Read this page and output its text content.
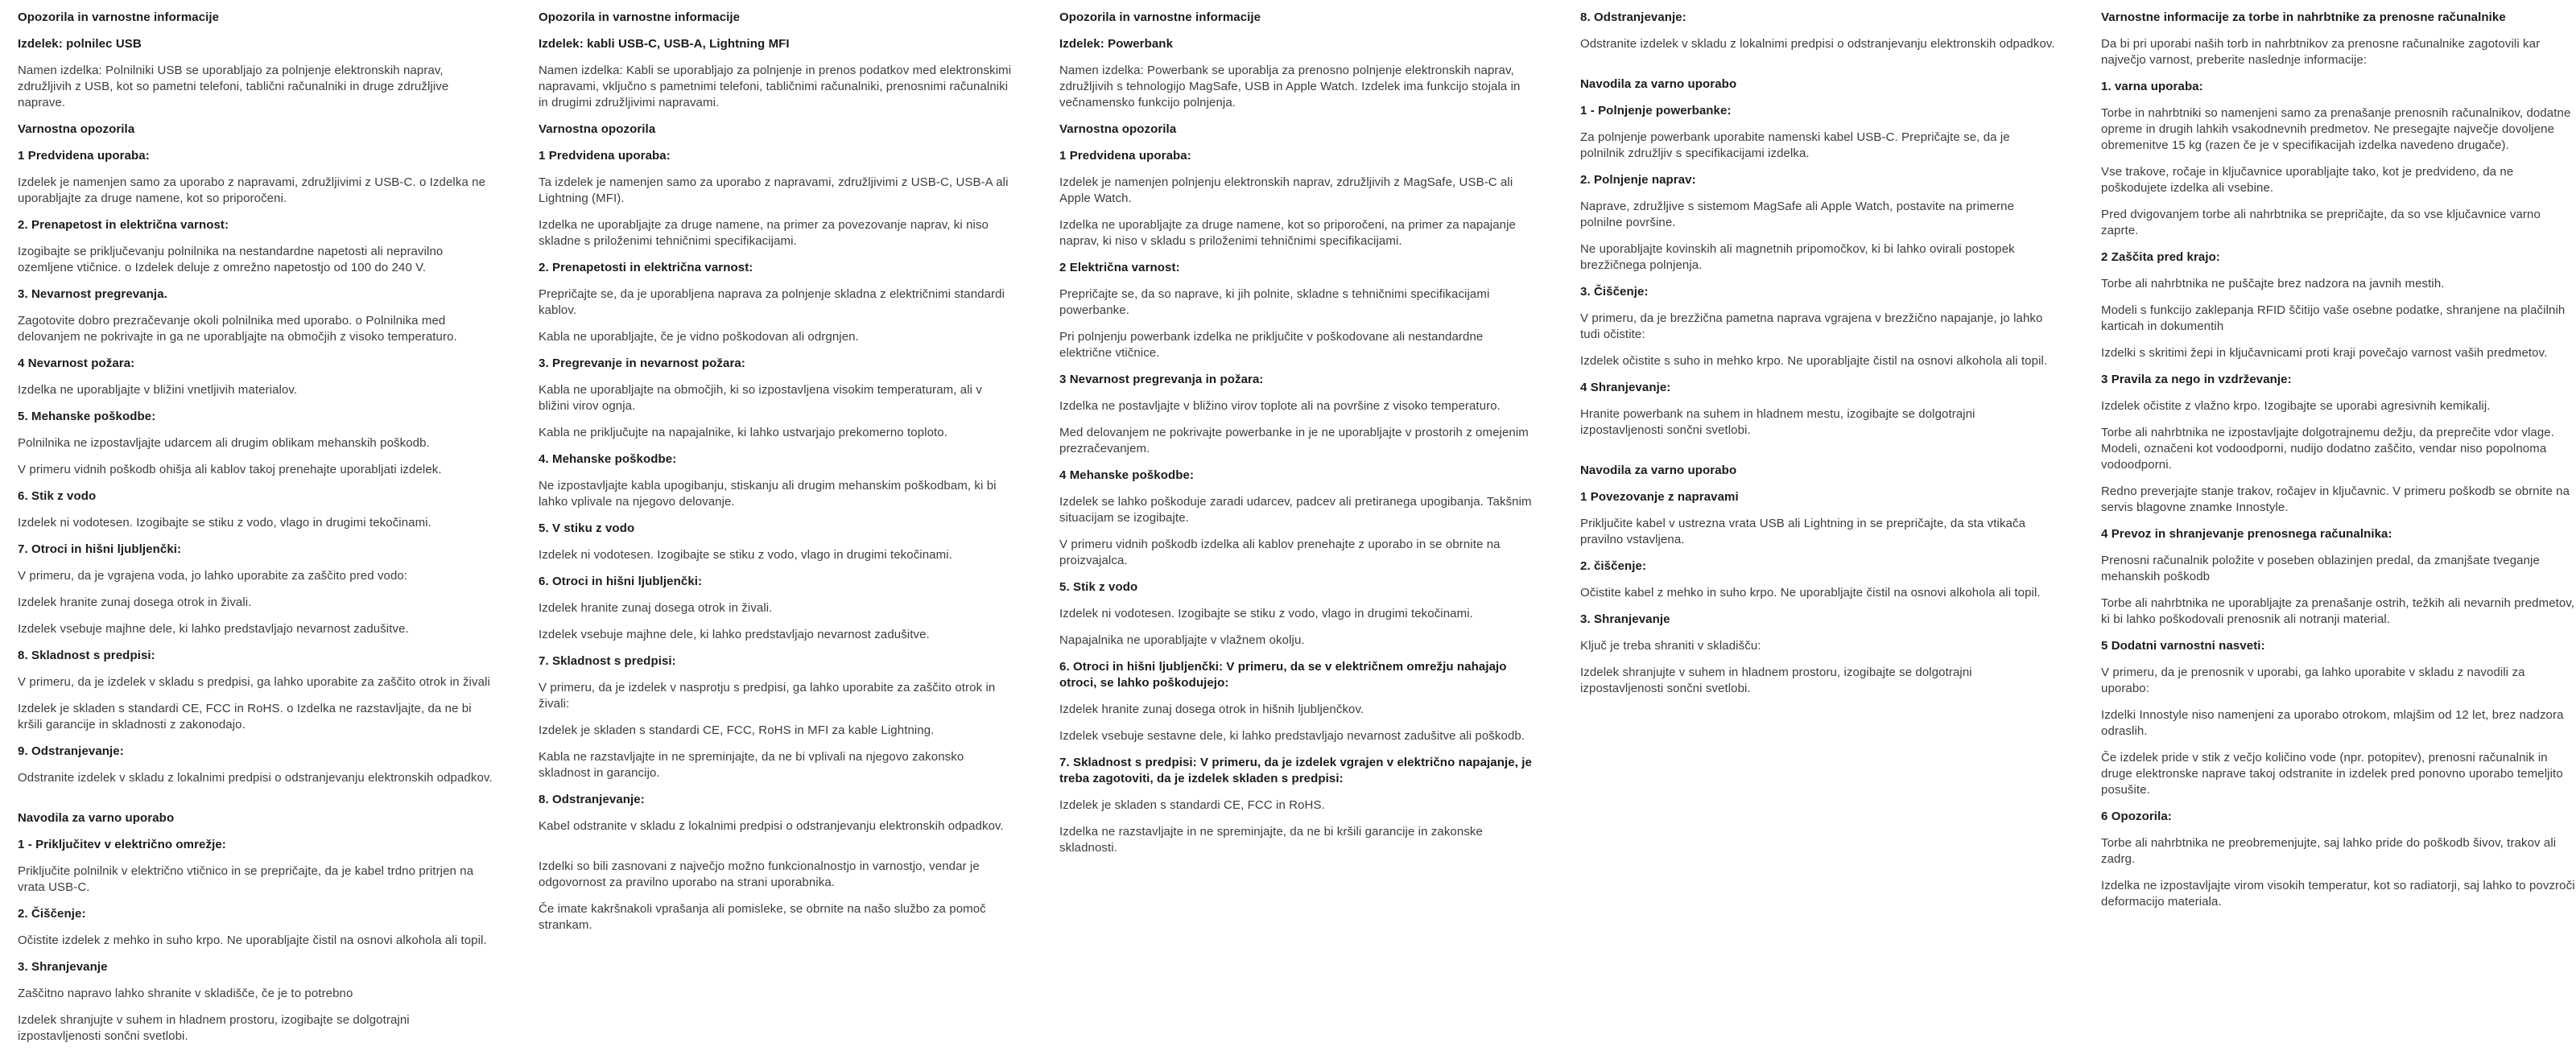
Opozorila in varnostne informacije
Izdelek: polnilec USB

Namen izdelka: Polnilniki USB se uporabljajo za polnjenje elektronskih naprav, združljivih z USB, kot so pametni telefoni, tablični računalniki in druge združljive naprave.

Varnostna opozorila
1 Predvidena uporaba:

Izdelek je namenjen samo za uporabo z napravami, združljivimi z USB-C. o Izdelka ne uporabljajte za druge namene, kot so priporočeni.

2. Prenapetost in električna varnost:

Izogibajte se priključevanju polnilnika na nestandardne napetosti ali nepravilno ozemljene vtičnice. o Izdelek deluje z omrežno napetostjo od 100 do 240 V.

3. Nevarnost pregrevanja.

Zagotovite dobro prezračevanje okoli polnilnika med uporabo. o Polnilnika med delovanjem ne pokrivajte in ga ne uporabljajte na območjih z visoko temperaturo.

4 Nevarnost požara:

Izdelka ne uporabljajte v bližini vnetljivih materialov.

5. Mehanske poškodbe:

Polnilnika ne izpostavljajte udarcem ali drugim oblikam mehanskih poškodb.

V primeru vidnih poškodb ohišja ali kablov takoj prenehajte uporabljati izdelek.

6. Stik z vodo

Izdelek ni vodotesen. Izogibajte se stiku z vodo, vlago in drugimi tekočinami.

7. Otroci in hišni ljubljenčki:

V primeru, da je vgrajena voda, jo lahko uporabite za zaščito pred vodo:

Izdelek hranite zunaj dosega otrok in živali.

Izdelek vsebuje majhne dele, ki lahko predstavljajo nevarnost zadušitve.

8. Skladnost s predpisi:

V primeru, da je izdelek v skladu s predpisi, ga lahko uporabite za zaščito otrok in živali

Izdelek je skladen s standardi CE, FCC in RoHS. o Izdelka ne razstavljajte, da ne bi kršili garancije in skladnosti z zakonodajo.

9. Odstranjevanje:

Odstranite izdelek v skladu z lokalnimi predpisi o odstranjevanju elektronskih odpadkov.

Navodila za varno uporabo
1 - Priključitev v električno omrežje:

Priključite polnilnik v električno vtičnico in se prepričajte, da je kabel trdno pritrjen na vrata USB-C.

2. Čiščenje:

Očistite izdelek z mehko in suho krpo. Ne uporabljajte čistil na osnovi alkohola ali topil.

3. Shranjevanje

Zaščitno napravo lahko shranite v skladišče, če je to potrebno

Izdelek shranjujte v suhem in hladnem prostoru, izogibajte se dolgotrajni izpostavljenosti sončni svetlobi.

Opozorila in varnostne informacije
Izdelek: kabli USB-C, USB-A, Lightning MFI

Namen izdelka: Kabli se uporabljajo za polnjenje in prenos podatkov med elektronskimi napravami, vključno s pametnimi telefoni, tabličnimi računalniki, prenosnimi računalniki in drugimi združljivimi napravami.

Varnostna opozorila
1 Predvidena uporaba:

Ta izdelek je namenjen samo za uporabo z napravami, združljivimi z USB-C, USB-A ali Lightning (MFI).

Izdelka ne uporabljajte za druge namene, na primer za povezovanje naprav, ki niso skladne s priloženimi tehničnimi specifikacijami.

2. Prenapetosti in električna varnost:

Prepričajte se, da je uporabljena naprava za polnjenje skladna z električnimi standardi kablov.

Kabla ne uporabljajte, če je vidno poškodovan ali odrgnjen.

3. Pregrevanje in nevarnost požara:

Kabla ne uporabljajte na območjih, ki so izpostavljena visokim temperaturam, ali v bližini virov ognja.

Kabla ne priključujte na napajalnike, ki lahko ustvarjajo prekomerno toploto.

4. Mehanske poškodbe:

Ne izpostavljajte kabla upogibanju, stiskanju ali drugim mehanskim poškodbam, ki bi lahko vplivale na njegovo delovanje.

5. V stiku z vodo

Izdelek ni vodotesen. Izogibajte se stiku z vodo, vlago in drugimi tekočinami.

6. Otroci in hišni ljubljenčki:

Izdelek hranite zunaj dosega otrok in živali.

Izdelek vsebuje majhne dele, ki lahko predstavljajo nevarnost zadušitve.

7. Skladnost s predpisi:

V primeru, da je izdelek v nasprotju s predpisi, ga lahko uporabite za zaščito otrok in živali:

Izdelek je skladen s standardi CE, FCC, RoHS in MFI za kable Lightning.

Kabla ne razstavljajte in ne spreminjajte, da ne bi vplivali na njegovo zakonsko skladnost in garancijo.

8. Odstranjevanje:

Kabel odstranite v skladu z lokalnimi predpisi o odstranjevanju elektronskih odpadkov.

Izdelki so bili zasnovani z največjo možno funkcionalnostjo in varnostjo, vendar je odgovornost za pravilno uporabo na strani uporabnika.

Če imate kakršnakoli vprašanja ali pomisleke, se obrnite na našo službo za pomoč strankam.

Opozorila in varnostne informacije
Izdelek: Powerbank

Namen izdelka: Powerbank se uporablja za prenosno polnjenje elektronskih naprav, združljivih s tehnologijo MagSafe, USB in Apple Watch. Izdelek ima funkcijo stojala in večnamensko funkcijo polnjenja.

Varnostna opozorila
1 Predvidena uporaba:

Izdelek je namenjen polnjenju elektronskih naprav, združljivih z MagSafe, USB-C ali Apple Watch.

Izdelka ne uporabljajte za druge namene, kot so priporočeni, na primer za napajanje naprav, ki niso v skladu s priloženimi tehničnimi specifikacijami.

2 Električna varnost:

Prepričajte se, da so naprave, ki jih polnite, skladne s tehničnimi specifikacijami powerbanke.

Pri polnjenju powerbank izdelka ne priključite v poškodovane ali nestandardne električne vtičnice.

3 Nevarnost pregrevanja in požara:

Izdelka ne postavljajte v bližino virov toplote ali na površine z visoko temperaturo.

Med delovanjem ne pokrivajte powerbanke in je ne uporabljajte v prostorih z omejenim prezračevanjem.

4 Mehanske poškodbe:

Izdelek se lahko poškoduje zaradi udarcev, padcev ali pretiranega upogibanja. Takšnim situacijam se izogibajte.

V primeru vidnih poškodb izdelka ali kablov prenehajte z uporabo in se obrnite na proizvajalca.

5. Stik z vodo

Izdelek ni vodotesen. Izogibajte se stiku z vodo, vlago in drugimi tekočinami.

Napajalnika ne uporabljajte v vlažnem okolju.

6. Otroci in hišni ljubljenčki: V primeru, da se v električnem omrežju nahajajo otroci, se lahko poškodujejo:

Izdelek hranite zunaj dosega otrok in hišnih ljubljenčkov.

Izdelek vsebuje sestavne dele, ki lahko predstavljajo nevarnost zadušitve ali poškodb.

7. Skladnost s predpisi: V primeru, da je izdelek vgrajen v električno napajanje, je treba zagotoviti, da je izdelek skladen s predpisi:

Izdelek je skladen s standardi CE, FCC in RoHS.

Izdelka ne razstavljajte in ne spreminjajte, da ne bi kršili garancije in zakonske skladnosti.

8. Odstranjevanje:

Odstranite izdelek v skladu z lokalnimi predpisi o odstranjevanju elektronskih odpadkov.

Navodila za varno uporabo
1 - Polnjenje powerbanke:

Za polnjenje powerbank uporabite namenski kabel USB-C. Prepričajte se, da je polnilnik združljiv s specifikacijami izdelka.

2. Polnjenje naprav:

Naprave, združljive s sistemom MagSafe ali Apple Watch, postavite na primerne polnilne površine.

Ne uporabljajte kovinskih ali magnetnih pripomočkov, ki bi lahko ovirali postopek brezžičnega polnjenja.

3. Čiščenje:

V primeru, da je brezžična pametna naprava vgrajena v brezžično napajanje, jo lahko tudi očistite:

Izdelek očistite s suho in mehko krpo. Ne uporabljajte čistil na osnovi alkohola ali topil.

4 Shranjevanje:

Hranite powerbank na suhem in hladnem mestu, izogibajte se dolgotrajni izpostavljenosti sončni svetlobi.

Navodila za varno uporabo
1 Povezovanje z napravami

Priključite kabel v ustrezna vrata USB ali Lightning in se prepričajte, da sta vtikača pravilno vstavljena.

2. čiščenje:

Očistite kabel z mehko in suho krpo. Ne uporabljajte čistil na osnovi alkohola ali topil.

3. Shranjevanje

Ključ je treba shraniti v skladišču:

Izdelek shranjujte v suhem in hladnem prostoru, izogibajte se dolgotrajni izpostavljenosti sončni svetlobi.

Varnostne informacije za torbe in nahrbtnike za prenosne računalnike

Da bi pri uporabi naših torb in nahrbtnikov za prenosne računalnike zagotovili kar največjo varnost, preberite naslednje informacije:

1. varna uporaba:

Torbe in nahrbtniki so namenjeni samo za prenašanje prenosnih računalnikov, dodatne opreme in drugih lahkih vsakodnevnih predmetov. Ne presegajte največje dovoljene obremenitve 15 kg (razen če je v specifikacijah izdelka navedeno drugače).

Vse trakove, ročaje in ključavnice uporabljajte tako, kot je predvideno, da ne poškodujete izdelka ali vsebine.

Pred dvigovanjem torbe ali nahrbtnika se prepričajte, da so vse ključavnice varno zaprte.

2 Zaščita pred krajo:

Torbe ali nahrbtnika ne puščajte brez nadzora na javnih mestih.

Modeli s funkcijo zaklepanja RFID ščitijo vaše osebne podatke, shranjene na plačilnih karticah in dokumentih

Izdelki s skritimi žepi in ključavnicami proti kraji povečajo varnost vaših predmetov.

3 Pravila za nego in vzdrževanje:

Izdelek očistite z vlažno krpo. Izogibajte se uporabi agresivnih kemikalij.

Torbe ali nahrbtnika ne izpostavljajte dolgotrajnemu dežju, da preprečite vdor vlage. Modeli, označeni kot vodoodporni, nudijo dodatno zaščito, vendar niso popolnoma vodoodporni.

Redno preverjajte stanje trakov, ročajev in ključavnic. V primeru poškodb se obrnite na servis blagovne znamke Innostyle.

4 Prevoz in shranjevanje prenosnega računalnika:

Prenosni računalnik položite v poseben oblazinjen predal, da zmanjšate tveganje mehanskih poškodb

Torbe ali nahrbtnika ne uporabljajte za prenašanje ostrih, težkih ali nevarnih predmetov, ki bi lahko poškodovali prenosnik ali notranji material.

5 Dodatni varnostni nasveti:

V primeru, da je prenosnik v uporabi, ga lahko uporabite v skladu z navodili za uporabo:

Izdelki Innostyle niso namenjeni za uporabo otrokom, mlajšim od 12 let, brez nadzora odraslih.

Če izdelek pride v stik z večjo količino vode (npr. potopitev), prenosni računalnik in druge elektronske naprave takoj odstranite in izdelek pred ponovno uporabo temeljito posušite.

6 Opozorila:

Torbe ali nahrbtnika ne preobremenjujte, saj lahko pride do poškodb šivov, trakov ali zadrg.

Izdelka ne izpostavljajte virom visokih temperatur, kot so radiatorji, saj lahko to povzroči deformacijo materiala.
